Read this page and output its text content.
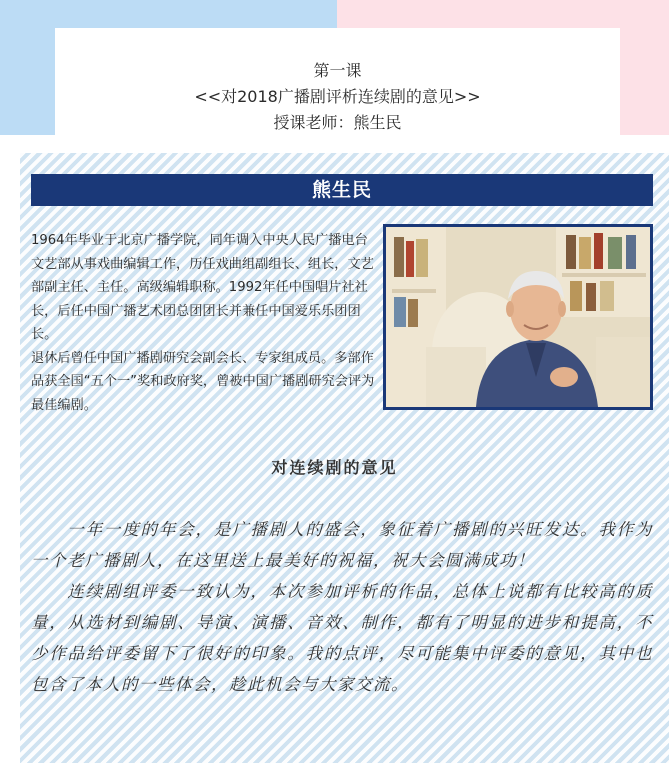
第一课
<<对2018广播剧评析连续剧的意见>>
授课老师：熊生民
熊生民

1964年毕业于北京广播学院，同年调入中央人民广播电台文艺部从事戏曲编辑工作，历任戏曲组副组长、组长，文艺部副主任、主任。高级编辑职称。1992年任中国唱片社社长，后任中国广播艺术团总团团长并兼任中国爱乐乐团团长。

退休后曾任中国广播剧研究会副会长、专家组成员。多部作品获全国“五个一”奖和政府奖，曾被中国广播剧研究会评为最佳编剧。

对连续剧的意见

一年一度的年会，是广播剧人的盛会，象征着广播剧的兴旺发达。我作为一个老广播剧人，在这里送上最美好的祝福，祝大会圆满成功！

连续剧组评委一致认为，本次参加评析的作品，总体上说都有比较高的质量，从选材到编剧、导演、演播、音效、制作，都有了明显的进步和提高，不少作品给评委留下了很好的印象。我的点评，尽可能集中评委的意见，其中也包含了本人的一些体会，趁此机会与大家交流。
